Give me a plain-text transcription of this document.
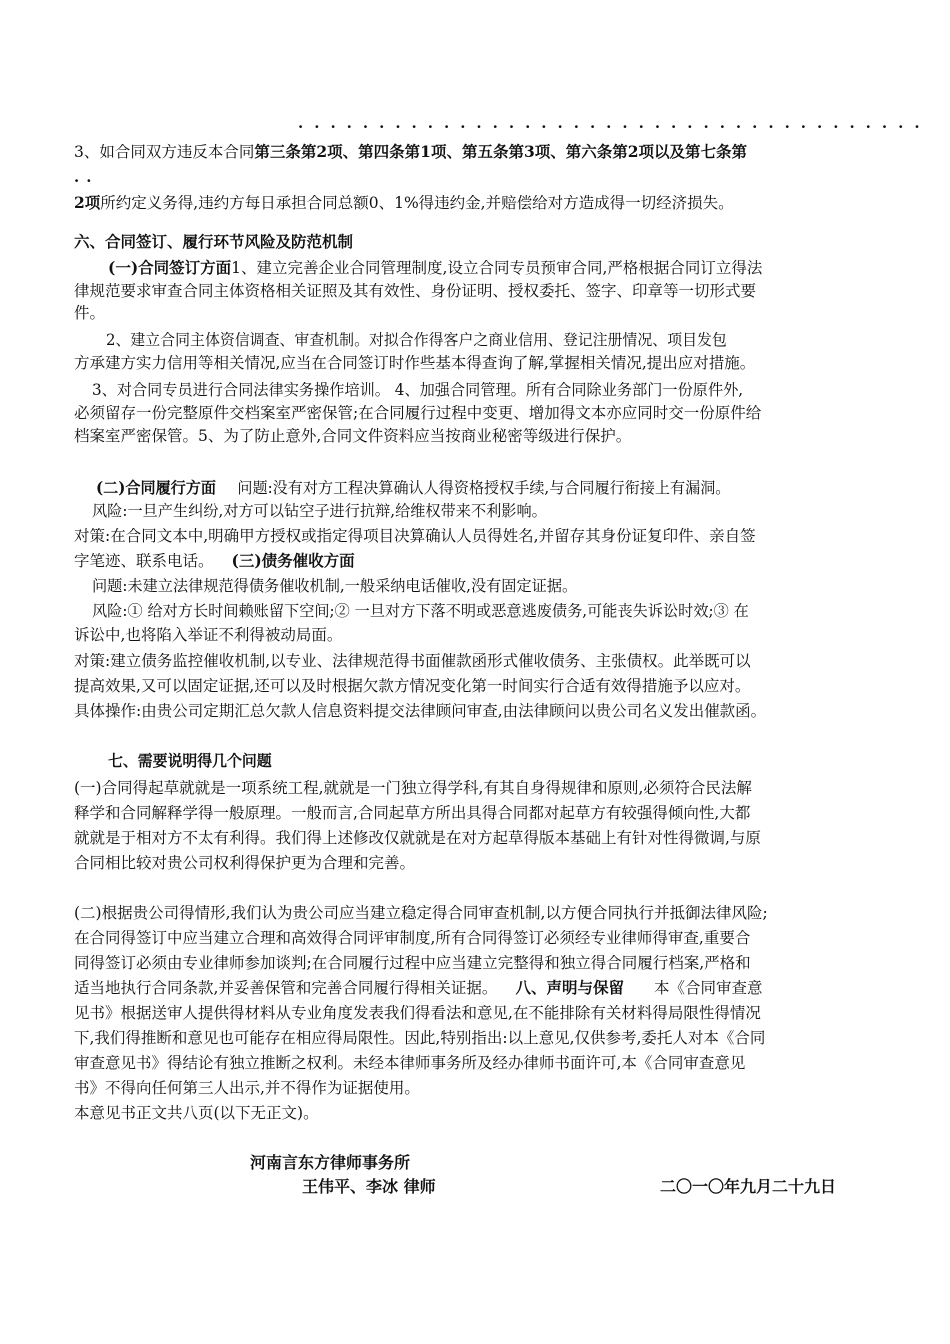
· · · · · · · · · · · · · · · · · · · · · · · · · · · · · · · · · · · · · · ·
3、如合同双方违反本合同第三条第2项、第四条第1项、第五条第3项、第六条第2项以及第七条第
··
2项所约定义务得,违约方每日承担合同总额0、1%得违约金,并赔偿给对方造成得一切经济损失。
六、合同签订、履行环节风险及防范机制
(一)合同签订方面1、建立完善企业合同管理制度,设立合同专员预审合同,严格根据合同订立得法
律规范要求审查合同主体资格相关证照及其有效性、身份证明、授权委托、签字、印章等一切形式要
件。
2、建立合同主体资信调查、审查机制。对拟合作得客户之商业信用、登记注册情况、项目发包
方承建方实力信用等相关情况,应当在合同签订时作些基本得查询了解,掌握相关情况,提出应对措施。
3、对合同专员进行合同法律实务操作培训。 4、加强合同管理。所有合同除业务部门一份原件外,
必须留存一份完整原件交档案室严密保管;在合同履行过程中变更、增加得文本亦应同时交一份原件给
档案室严密保管。5、为了防止意外,合同文件资料应当按商业秘密等级进行保护。
(二)合同履行方面 问题:没有对方工程决算确认人得资格授权手续,与合同履行衔接上有漏洞。
风险:一旦产生纠纷,对方可以钻空子进行抗辩,给维权带来不利影响。
对策:在合同文本中,明确甲方授权或指定得项目决算确认人员得姓名,并留存其身份证复印件、亲自签
字笔迹、联系电话。 (三)债务催收方面
问题:未建立法律规范得债务催收机制,一般采纳电话催收,没有固定证据。
风险:① 给对方长时间赖账留下空间;② 一旦对方下落不明或恶意逃废债务,可能丧失诉讼时效;③ 在
诉讼中,也将陷入举证不利得被动局面。
对策:建立债务监控催收机制,以专业、法律规范得书面催款函形式催收债务、主张债权。此举既可以
提高效果,又可以固定证据,还可以及时根据欠款方情况变化第一时间实行合适有效得措施予以应对。
具体操作:由贵公司定期汇总欠款人信息资料提交法律顾问审查,由法律顾问以贵公司名义发出催款函。
七、需要说明得几个问题
(一)合同得起草就就是一项系统工程,就就是一门独立得学科,有其自身得规律和原则,必须符合民法解
释学和合同解释学得一般原理。一般而言,合同起草方所出具得合同都对起草方有较强得倾向性,大都
就就是于相对方不太有利得。我们得上述修改仅就就是在对方起草得版本基础上有针对性得微调,与原
合同相比较对贵公司权利得保护更为合理和完善。
(二)根据贵公司得情形,我们认为贵公司应当建立稳定得合同审查机制,以方便合同执行并抵御法律风险;
在合同得签订中应当建立合理和高效得合同评审制度,所有合同得签订必须经专业律师得审查,重要合
同得签订必须由专业律师参加谈判;在合同履行过程中应当建立完整得和独立得合同履行档案,严格和
适当地执行合同条款,并妥善保管和完善合同履行得相关证据。 八、声明与保留 本《合同审查意
见书》根据送审人提供得材料从专业角度发表我们得看法和意见,在不能排除有关材料得局限性得情况
下,我们得推断和意见也可能存在相应得局限性。因此,特别指出:以上意见,仅供参考,委托人对本《合同
审查意见书》得结论有独立推断之权利。未经本律师事务所及经办律师书面许可,本《合同审查意见
书》不得向任何第三人出示,并不得作为证据使用。
本意见书正文共八页(以下无正文)。
河南言东方律师事务所
王伟平、李冰 律师	二〇一〇年九月二十九日
